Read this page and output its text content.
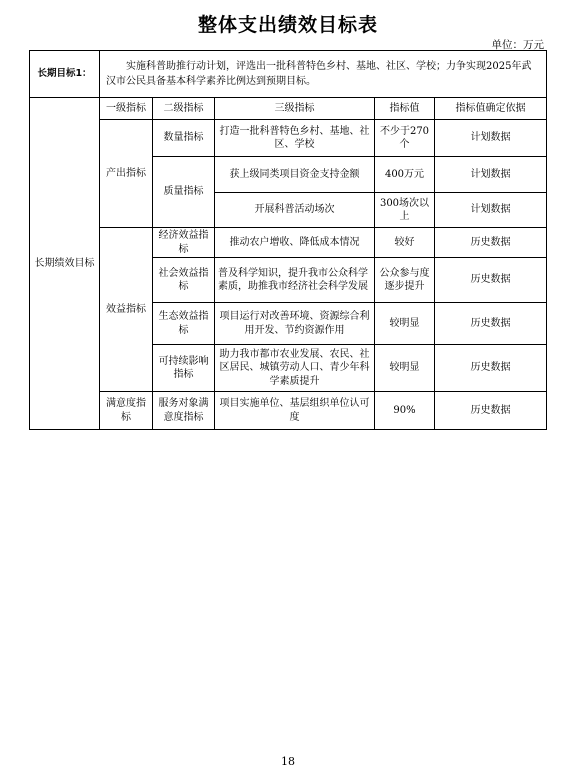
整体支出绩效目标表
单位：万元
长期目标1：	实施科普助推行动计划，评选出一批科普特色乡村、基地、社区、学校；力争实现2025年武汉市公民具备基本科学素养比例达到预期目标。				
长期绩效目标	一级指标	二级指标	三级指标	指标值	指标值确定依据
	产出指标	数量指标	打造一批科普特色乡村、基地、社区、学校	不少于270个	计划数据
		质量指标	获上级同类项目资金支持金额	400万元	计划数据
			开展科普活动场次	300场次以上	计划数据
	效益指标	经济效益指标	推动农户增收、降低成本情况	较好	历史数据
		社会效益指标	普及科学知识，提升我市公众科学素质，助推我市经济社会科学发展	公众参与度逐步提升	历史数据
		生态效益指标	项目运行对改善环境、资源综合利用开发、节约资源作用	较明显	历史数据
		可持续影响指标	助力我市都市农业发展、农民、社区居民、城镇劳动人口、青少年科学素质提升	较明显	历史数据
	满意度指标	服务对象满意度指标	项目实施单位、基层组织单位认可度	90%	历史数据
18
